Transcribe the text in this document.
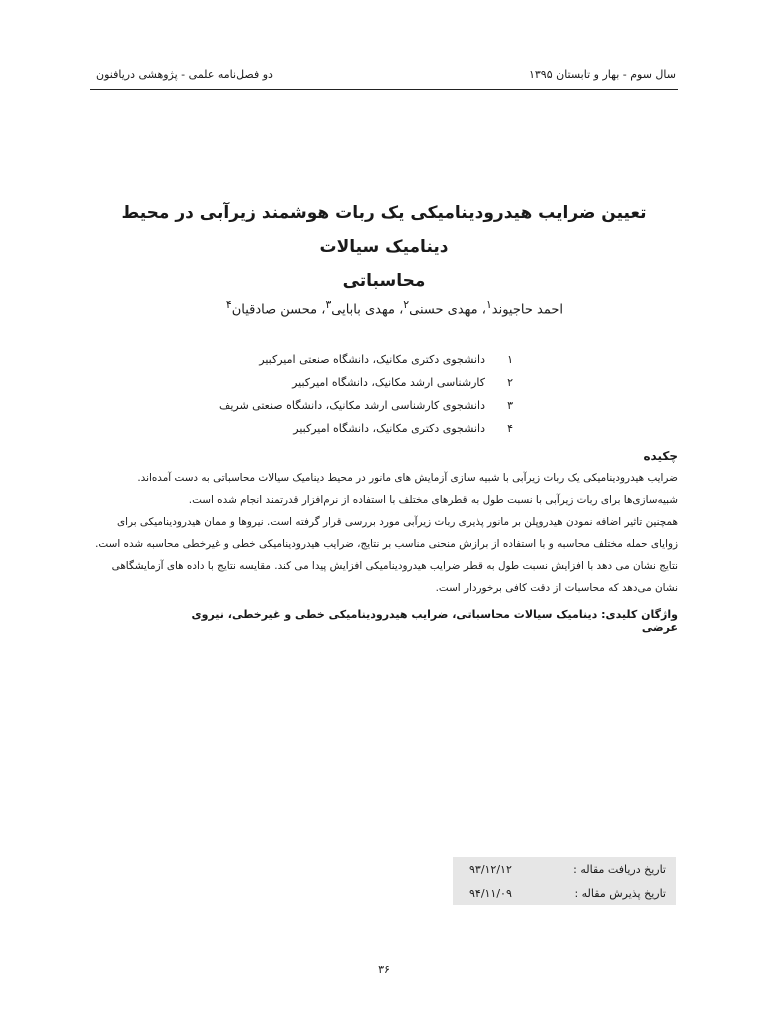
دو فصل‌نامه علمی - پژوهشی دریافنون	سال سوم - بهار و تابستان ۱۳۹۵
تعیین ضرایب هیدرودینامیکی یک ربات هوشمند زیرآبی در محیط دینامیک سیالات
محاسباتی
احمد حاجیوند$^۱$، مهدی حسنی$^۲$، مهدی بابایی$^۳$، محسن صادقیان$^۴$
۱دانشجوی دکتری مکانیک، دانشگاه صنعتی امیرکبیر
۲کارشناسی ارشد مکانیک، دانشگاه امیرکبیر
۳دانشجوی کارشناسی ارشد مکانیک، دانشگاه صنعتی شریف
۴دانشجوی دکتری مکانیک، دانشگاه امیرکبیر
چکیده
ضرایب هیدرودینامیکی یک ربات زیرآبی با شبیه سازی آزمایش های مانور در محیط دینامیک سیالات محاسباتی به دست آمده‌اند.
شبیه‌سازی‌ها برای ربات زیرآبی با نسبت طول به قطرهای مختلف با استفاده از نرم‌افزار قدرتمند انجام شده است.
همچنین تاثیر اضافه نمودن هیدروپلن بر مانور پذیری ربات زیرآبی مورد بررسی قرار گرفته است. نیروها و ممان هیدرودینامیکی برای
زوایای حمله مختلف محاسبه و با استفاده از برازش منحنی مناسب بر نتایج، ضرایب هیدرودینامیکی خطی و غیرخطی محاسبه شده است.
نتایج نشان می دهد با افزایش نسبت طول به قطر ضرایب هیدرودینامیکی افزایش پیدا می کند. مقایسه نتایج با داده های آزمایشگاهی
نشان می‌دهد که محاسبات از دقت کافی برخوردار است.
واژگان کلیدی: دینامیک سیالات محاسباتی، ضرایب هیدرودینامیکی خطی و غیرخطی، نیروی عرضی
تاریخ دریافت مقاله :
۹۳/۱۲/۱۲
تاریخ پذیرش مقاله :
۹۴/۱۱/۰۹
۳۶
